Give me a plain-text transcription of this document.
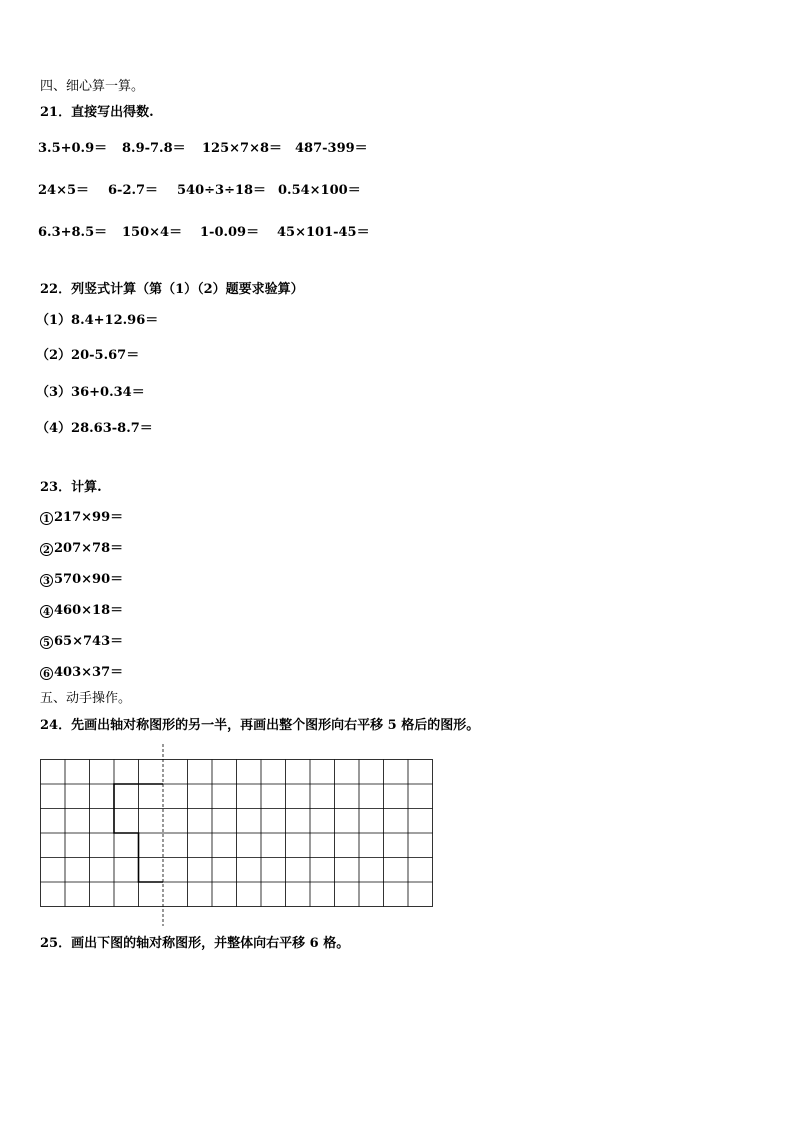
四、细心算一算。
21．直接写出得数.
3.5+0.9＝ 8.9-7.8＝ 125×7×8＝ 487-399＝
24×5＝ 6-2.7＝ 540÷3÷18＝ 0.54×100＝
6.3+8.5＝ 150×4＝ 1-0.09＝ 45×101-45＝
22．列竖式计算（第（1）（2）题要求验算）
（1）8.4+12.96＝
（2）20-5.67＝
（3）36+0.34＝
（4）28.63-8.7＝
23．计算.
1 217×99＝
2 207×78＝
3 570×90＝
4 460×18＝
5 65×743＝
6 403×37＝
五、动手操作。
24．先画出轴对称图形的另一半，再画出整个图形向右平移 5 格后的图形。
25．画出下图的轴对称图形，并整体向右平移 6 格。
